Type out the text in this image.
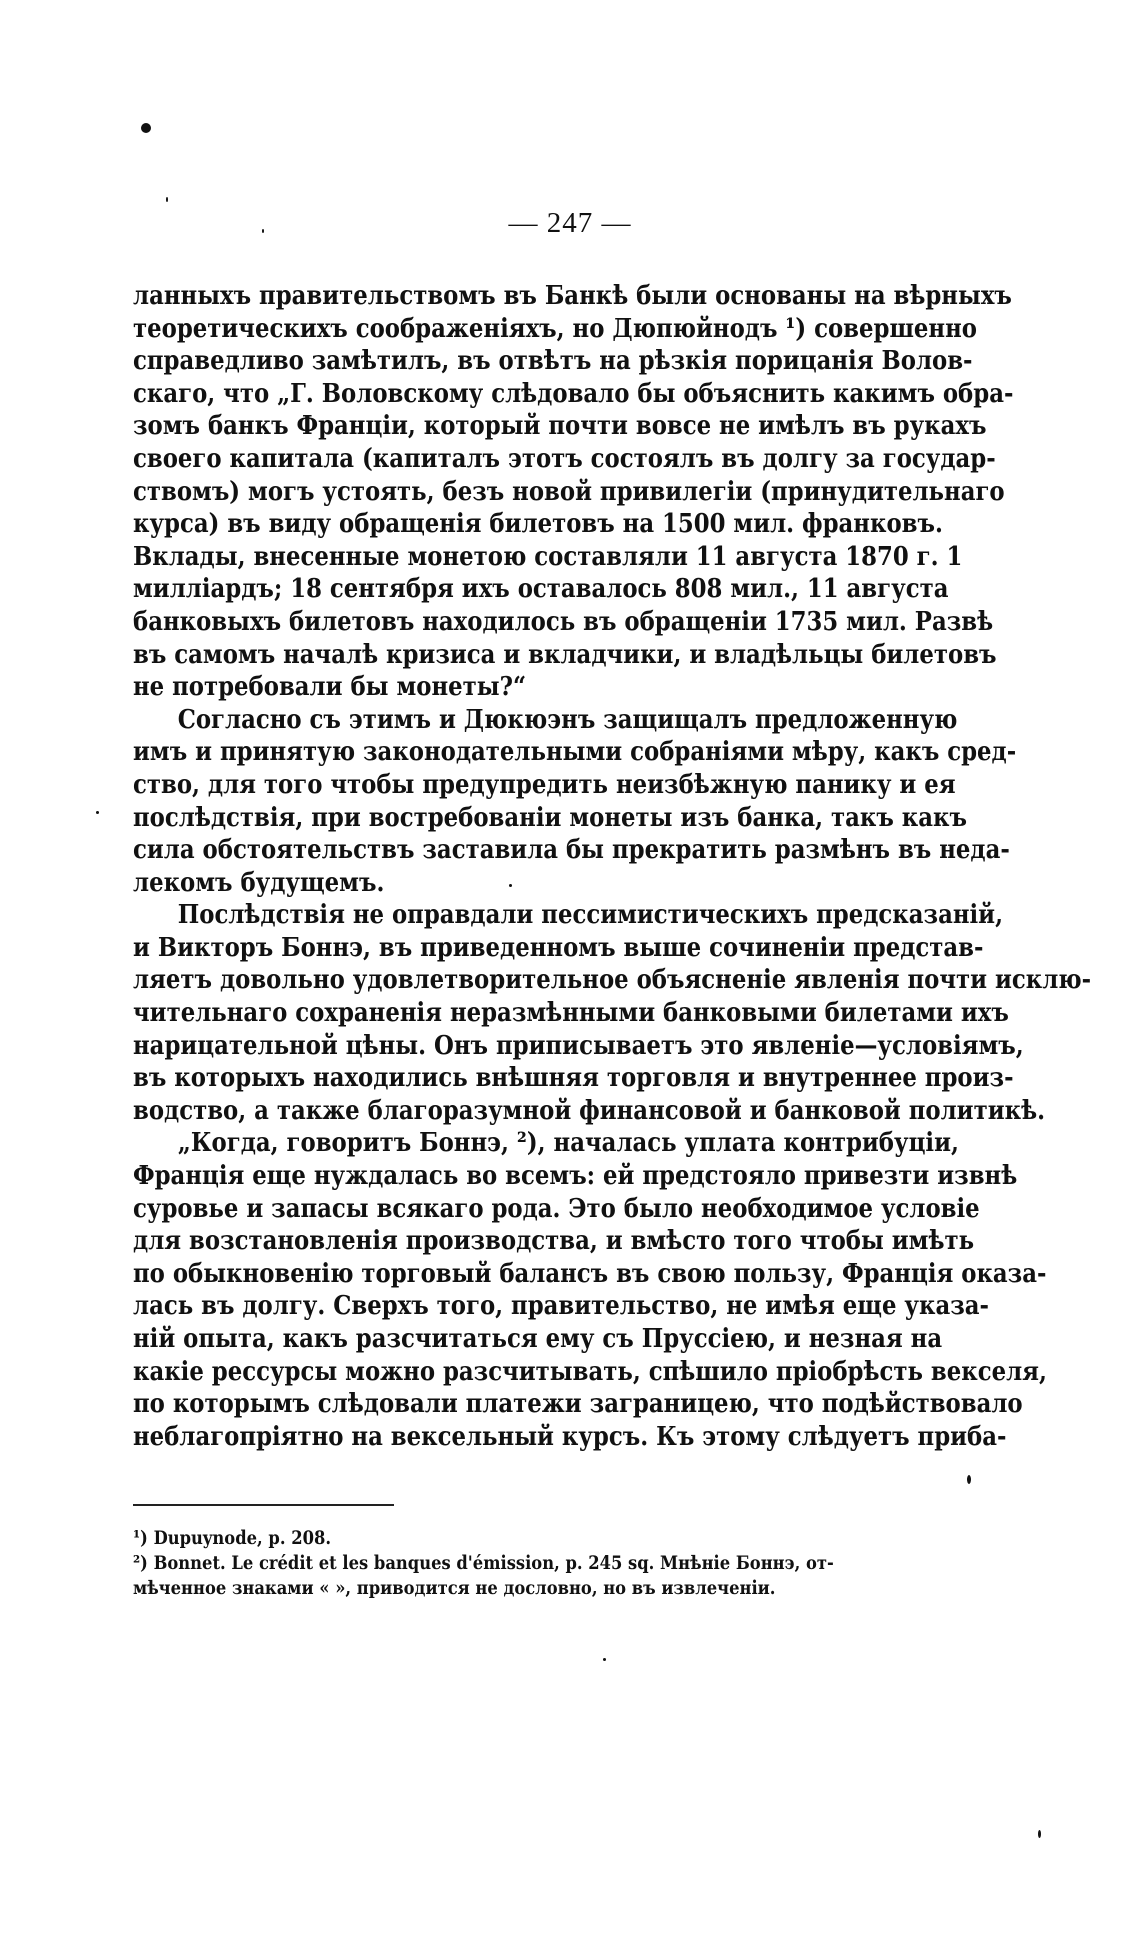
— 247 —

ланныхъ правительствомъ въ Банкѣ были основаны на вѣрныхъ
теоретическихъ соображеніяхъ, но Дюпюйнодъ ¹) совершенно
справедливо замѣтилъ, въ отвѣтъ на рѣзкія порицанія Волов-
скаго, что „Г. Воловскому слѣдовало бы объяснить какимъ обра-
зомъ банкъ Франціи, который почти вовсе не имѣлъ въ рукахъ
своего капитала (капиталъ этотъ состоялъ въ долгу за государ-
ствомъ) могъ устоять, безъ новой привилегіи (принудительнаго
курса) въ виду обращенія билетовъ на 1500 мил. франковъ.
Вклады, внесенные монетою составляли 11 августа 1870 г. 1
милліардъ; 18 сентября ихъ оставалось 808 мил., 11 августа
банковыхъ билетовъ находилось въ обращеніи 1735 мил. Развѣ
въ самомъ началѣ кризиса и вкладчики, и владѣльцы билетовъ
не потребовали бы монеты?“

Согласно съ этимъ и Дюкюэнъ защищалъ предложенную
имъ и принятую законодательными собраніями мѣру, какъ сред-
ство, для того чтобы предупредить неизбѣжную панику и ея
послѣдствія, при востребованіи монеты изъ банка, такъ какъ
сила обстоятельствъ заставила бы прекратить размѣнъ въ неда-
лекомъ будущемъ.

Послѣдствія не оправдали пессимистическихъ предсказаній,
и Викторъ Боннэ, въ приведенномъ выше сочиненіи представ-
ляетъ довольно удовлетворительное объясненіе явленія почти исклю-
чительнаго сохраненія неразмѣнными банковыми билетами ихъ
нарицательной цѣны. Онъ приписываетъ это явленіе—условіямъ,
въ которыхъ находились внѣшняя торговля и внутреннее произ-
водство, а также благоразумной финансовой и банковой политикѣ.

„Когда, говоритъ Боннэ, ²), началась уплата контрибуціи,
Франція еще нуждалась во всемъ: ей предстояло привезти извнѣ
суровье и запасы всякаго рода. Это было необходимое условіе
для возстановленія производства, и вмѣсто того чтобы имѣть
по обыкновенію торговый балансъ въ свою пользу, Франція оказа-
лась въ долгу. Сверхъ того, правительство, не имѣя еще указа-
ній опыта, какъ разсчитаться ему съ Пруссіею, и незная на
какіе рессурсы можно разсчитывать, спѣшило пріобрѣсть векселя,
по которымъ слѣдовали платежи заграницею, что подѣйствовало
неблагопріятно на вексельный курсъ. Къ этому слѣдуетъ приба-

¹) Dupuynode, p. 208.
²) Bonnet. Le crédit et les banques d'émission, p. 245 sq. Мнѣніе Боннэ, от-
мѣченное знаками « », приводится не дословно, но въ извлеченіи.
